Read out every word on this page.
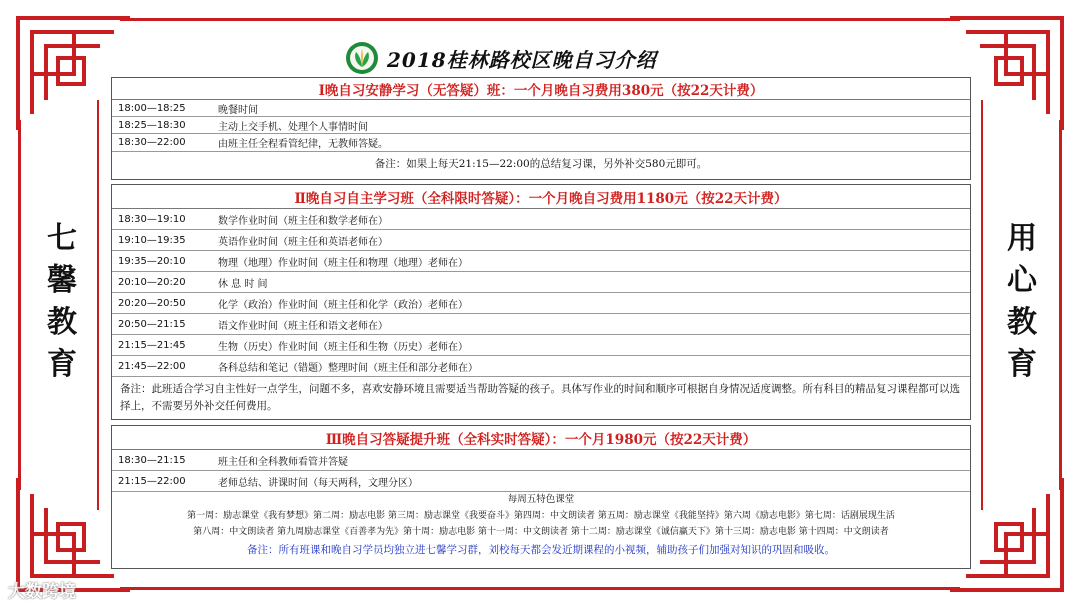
七
馨
教
育
用
心
教
育
2018桂林路校区晚自习介绍
Ⅰ晚自习安静学习（无答疑）班：一个月晚自习费用380元（按22天计费）
18:00—18:25	晚餐时间
18:25—18:30	主动上交手机、处理个人事情时间
18:30—22:00	由班主任全程看管纪律，无教师答疑。
备注：如果上每天21:15—22:00的总结复习课，另外补交580元即可。
Ⅱ晚自习自主学习班（全科限时答疑）：一个月晚自习费用1180元（按22天计费）
18:30—19:10	数学作业时间（班主任和数学老师在）
19:10—19:35	英语作业时间（班主任和英语老师在）
19:35—20:10	物理（地理）作业时间（班主任和物理（地理）老师在）
20:10—20:20	休 息 时 间
20:20—20:50	化学（政治）作业时间（班主任和化学（政治）老师在）
20:50—21:15	语文作业时间（班主任和语文老师在）
21:15—21:45	生物（历史）作业时间（班主任和生物（历史）老师在）
21:45—22:00	各科总结和笔记（错题）整理时间（班主任和部分老师在）
备注：此班适合学习自主性好一点学生，问题不多，喜欢安静环境且需要适当帮助答疑的孩子。具体写作业的时间和顺序可根据自身情况适度调整。所有科目的精品复习课程都可以选择上，不需要另外补交任何费用。
Ⅲ晚自习答疑提升班（全科实时答疑）：一个月1980元（按22天计费）
18:30—21:15	班主任和全科教师看管并答疑
21:15—22:00	老师总结、讲课时间（每天两科，文理分区）
每周五特色课堂
第一周：励志课堂《我有梦想》第二周：励志电影 第三周：励志课堂《我要奋斗》第四周：中文朗读者 第五周：励志课堂《我能坚持》第六周《励志电影》第七周：话剧展现生活
第八周：中文朗读者 第九周励志课堂《百善孝为先》第十周：励志电影 第十一周：中文朗读者 第十二周：励志课堂《诚信赢天下》第十三周：励志电影 第十四周：中文朗读者
备注：所有班课和晚自习学员均独立进七馨学习群，刘校每天都会发近期课程的小视频，辅助孩子们加强对知识的巩固和吸收。
大数跨境
